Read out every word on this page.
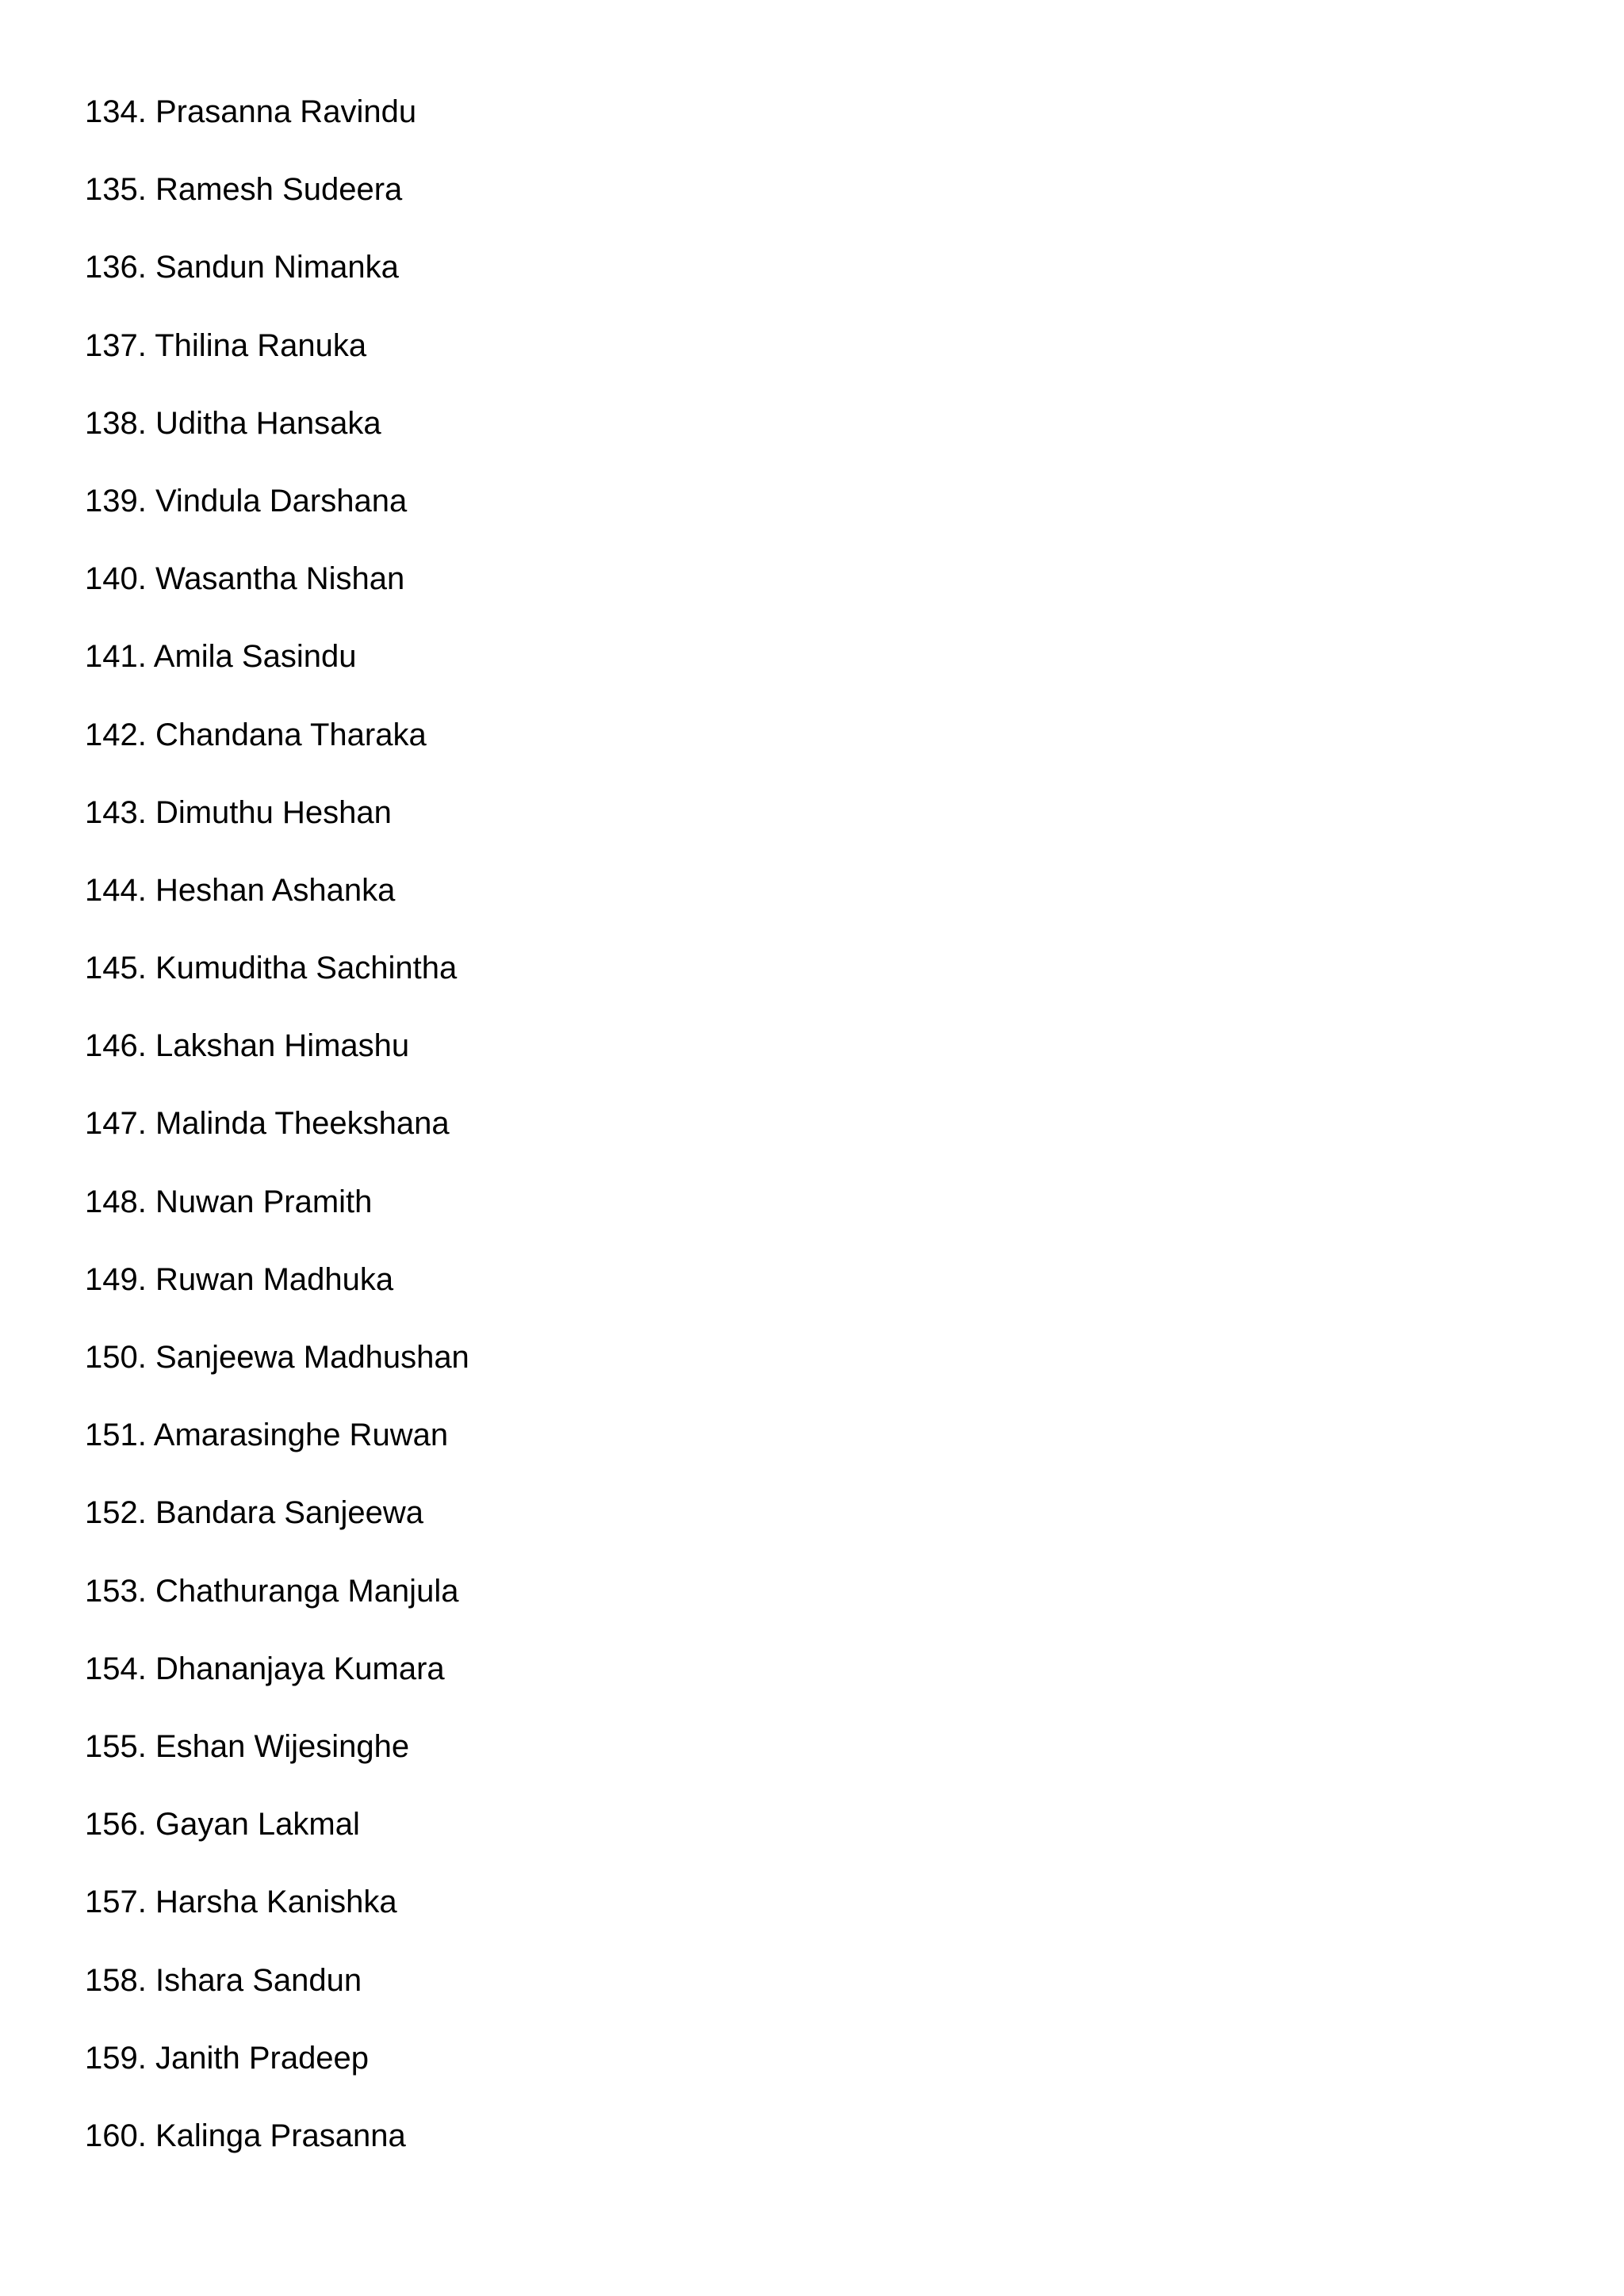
134. Prasanna Ravindu
135. Ramesh Sudeera
136. Sandun Nimanka
137. Thilina Ranuka
138. Uditha Hansaka
139. Vindula Darshana
140. Wasantha Nishan
141. Amila Sasindu
142. Chandana Tharaka
143. Dimuthu Heshan
144. Heshan Ashanka
145. Kumuditha Sachintha
146. Lakshan Himashu
147. Malinda Theekshana
148. Nuwan Pramith
149. Ruwan Madhuka
150. Sanjeewa Madhushan
151. Amarasinghe Ruwan
152. Bandara Sanjeewa
153. Chathuranga Manjula
154. Dhananjaya Kumara
155. Eshan Wijesinghe
156. Gayan Lakmal
157. Harsha Kanishka
158. Ishara Sandun
159. Janith Pradeep
160. Kalinga Prasanna
